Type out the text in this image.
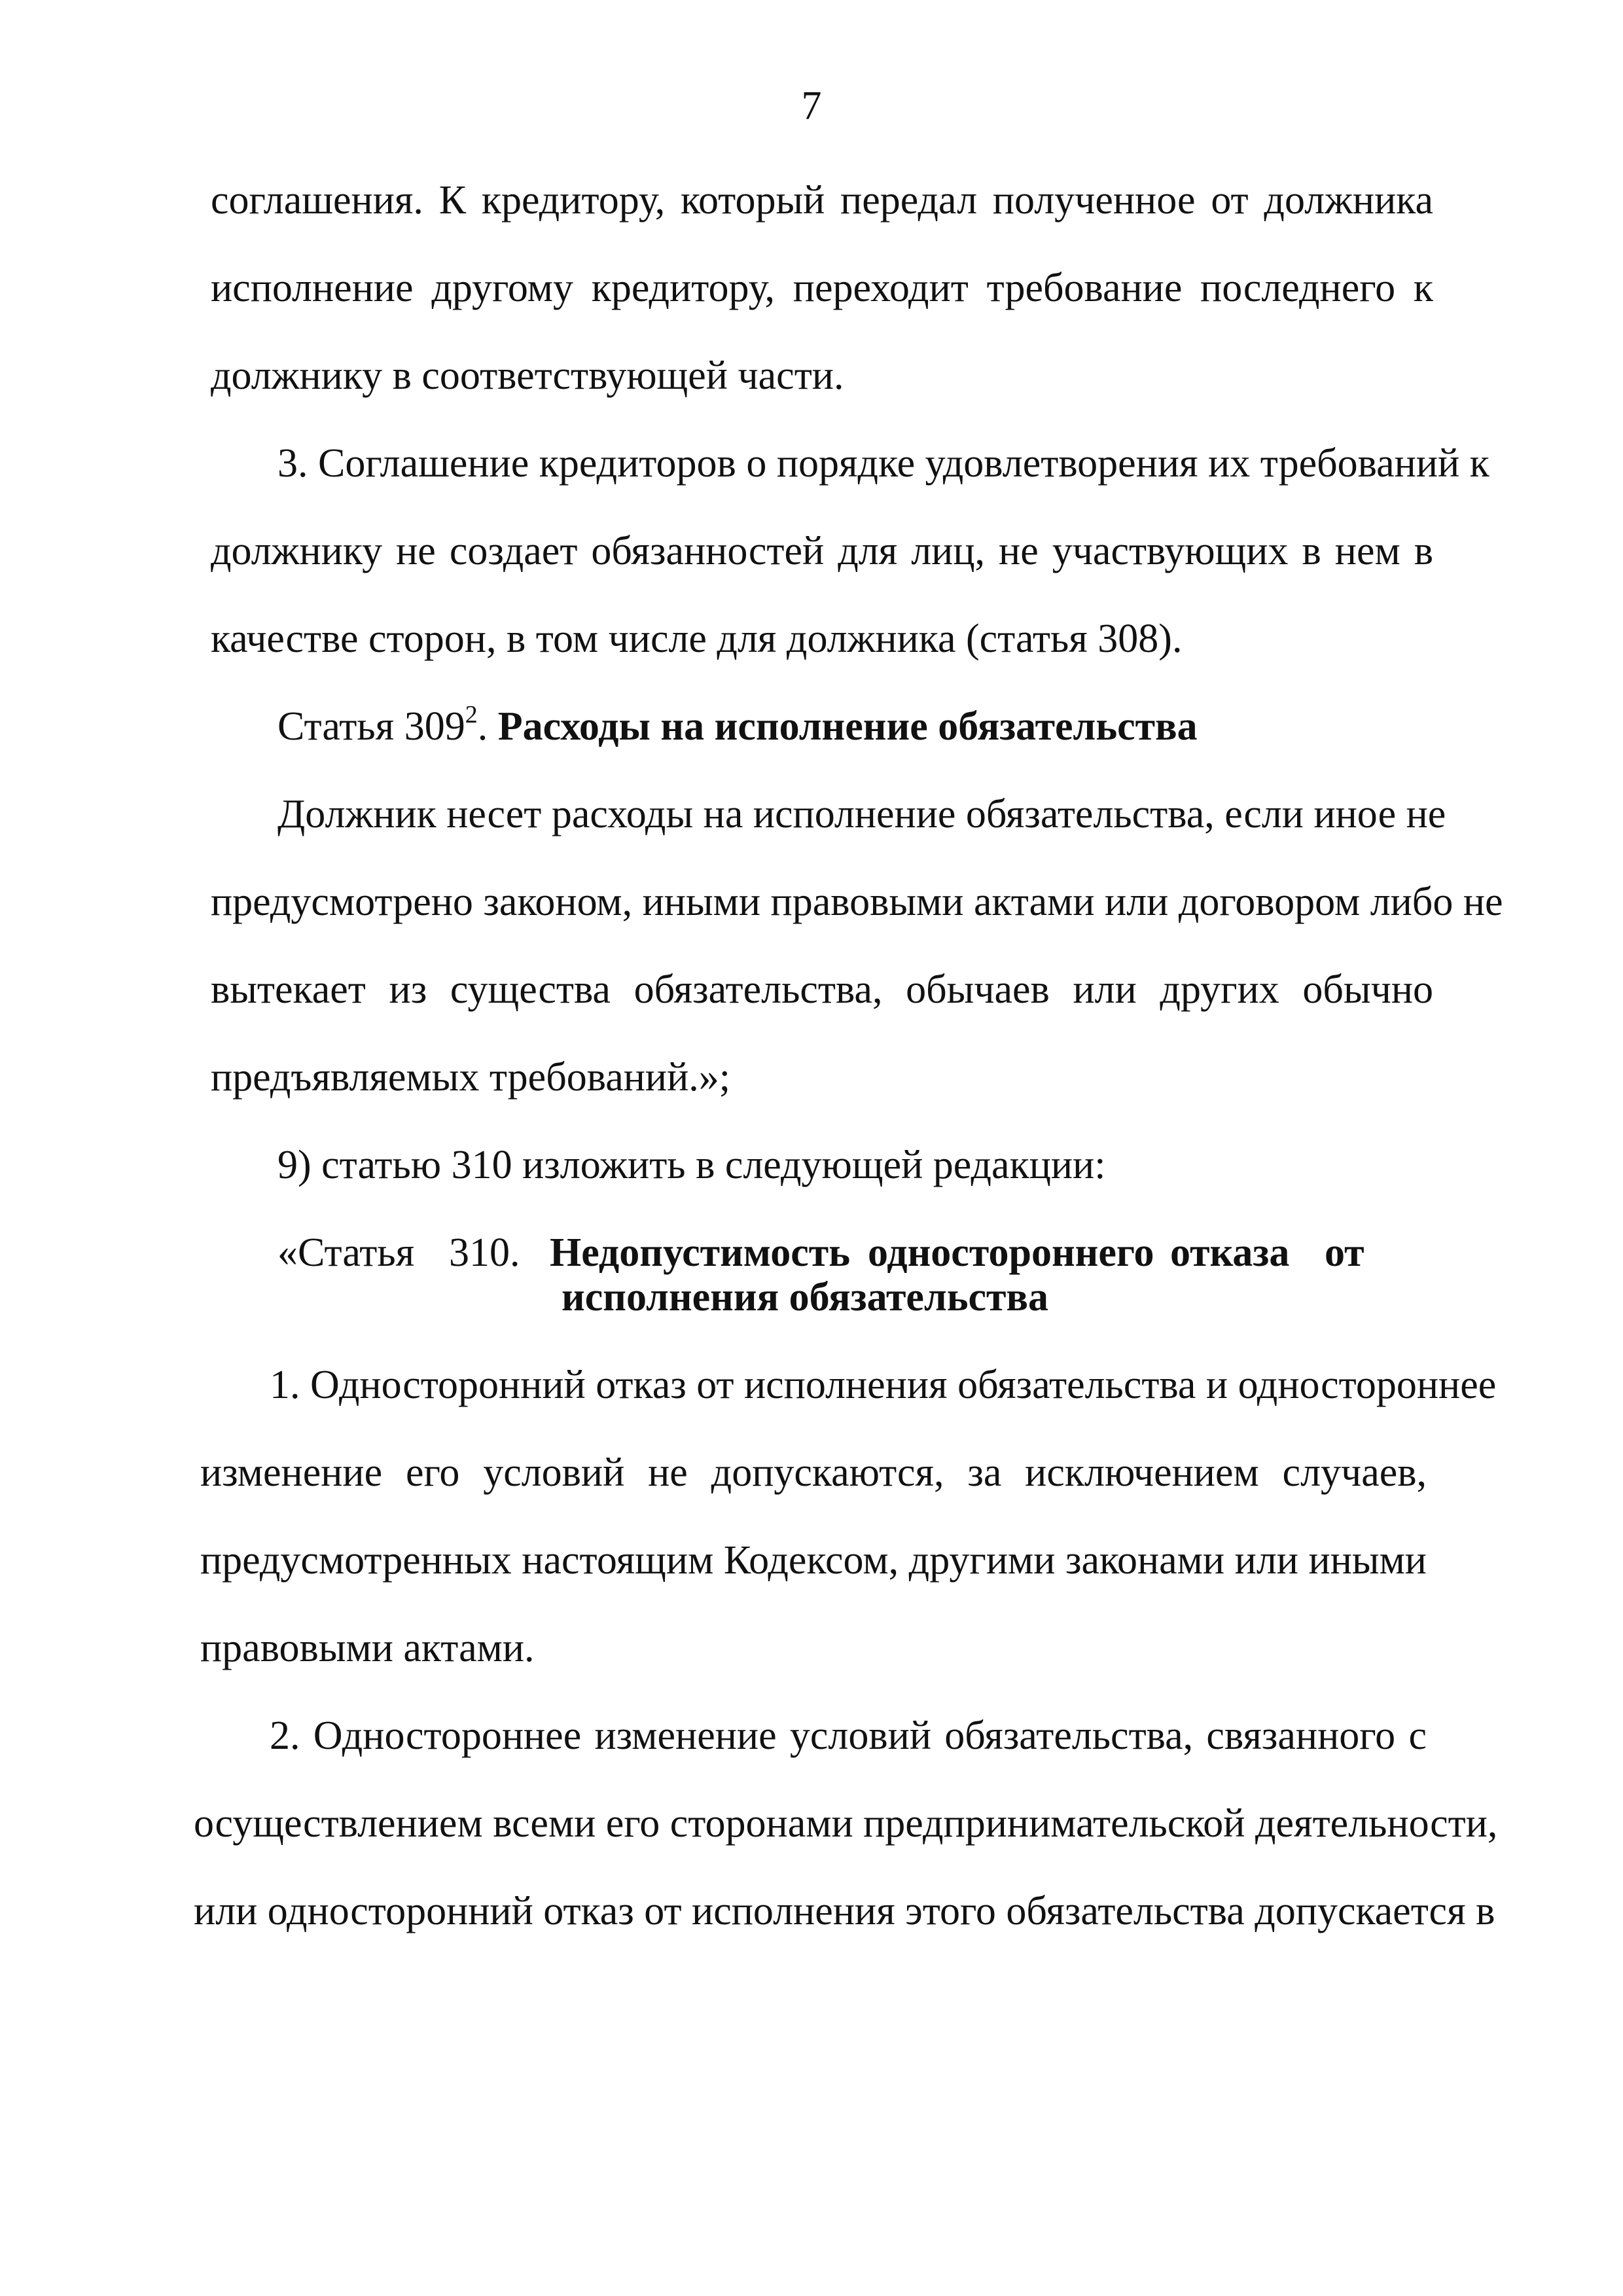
7
соглашения. К кредитору, который передал полученное от должника
исполнение другому кредитору, переходит требование последнего к
должнику в соответствующей части.
3. Соглашение кредиторов о порядке удовлетворения их требований к
должнику не создает обязанностей для лиц, не участвующих в нем в
качестве сторон, в том числе для должника (статья 308).
Статья $309^2$. Расходы на исполнение обязательства
Должник несет расходы на исполнение обязательства, если иное не
предусмотрено законом, иными правовыми актами или договором либо не
вытекает из существа обязательства, обычаев или других обычно
предъявляемых требований.»;
9) статью 310 изложить в следующей редакции:
«Статья 310. Недопустимость одностороннего отказа от
исполнения обязательства
1. Односторонний отказ от исполнения обязательства и одностороннее
изменение его условий не допускаются, за исключением случаев,
предусмотренных настоящим Кодексом, другими законами или иными
правовыми актами.
2. Одностороннее изменение условий обязательства, связанного с
осуществлением всеми его сторонами предпринимательской деятельности,
или односторонний отказ от исполнения этого обязательства допускается в
